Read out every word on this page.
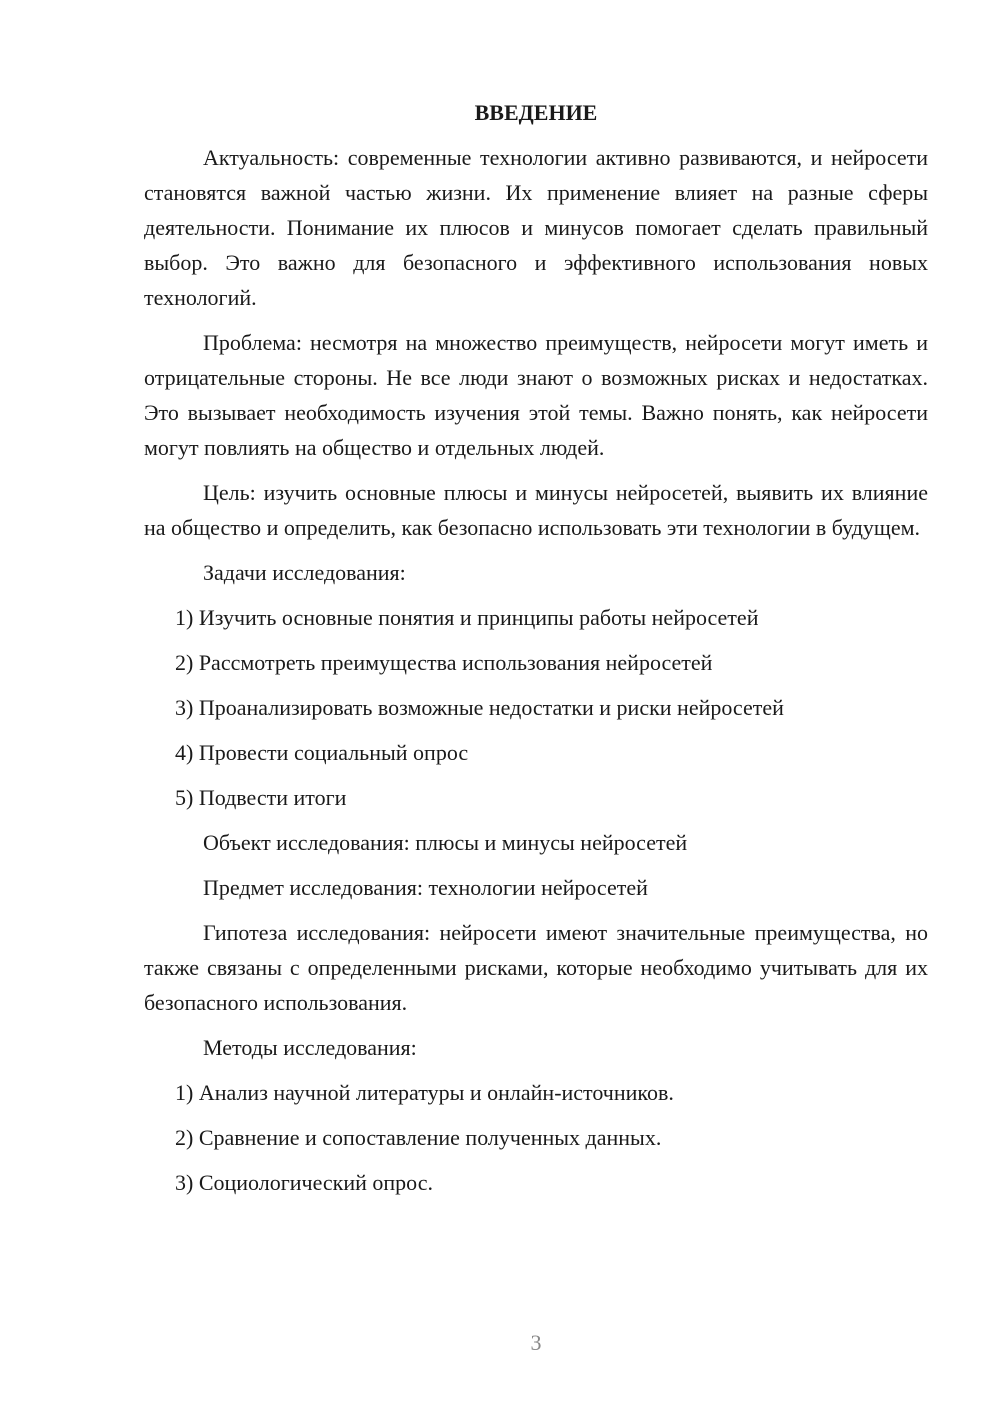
ВВЕДЕНИЕ

Актуальность: современные технологии активно развиваются, и нейросети становятся важной частью жизни. Их применение влияет на разные сферы деятельности. Понимание их плюсов и минусов помогает сделать правильный выбор. Это важно для безопасного и эффективного использования новых технологий.

Проблема: несмотря на множество преимуществ, нейросети могут иметь и отрицательные стороны. Не все люди знают о возможных рисках и недостатках. Это вызывает необходимость изучения этой темы. Важно понять, как нейросети могут повлиять на общество и отдельных людей.

Цель: изучить основные плюсы и минусы нейросетей, выявить их влияние на общество и определить, как безопасно использовать эти технологии в будущем.

Задачи исследования:
1) Изучить основные понятия и принципы работы нейросетей
2) Рассмотреть преимущества использования нейросетей
3) Проанализировать возможные недостатки и риски нейросетей
4) Провести социальный опрос
5) Подвести итоги
Объект исследования: плюсы и минусы нейросетей
Предмет исследования: технологии нейросетей

Гипотеза исследования: нейросети имеют значительные преимущества, но также связаны с определенными рисками, которые необходимо учитывать для их безопасного использования.

Методы исследования:
1) Анализ научной литературы и онлайн-источников.
2) Сравнение и сопоставление полученных данных.
3) Социологический опрос.
3
